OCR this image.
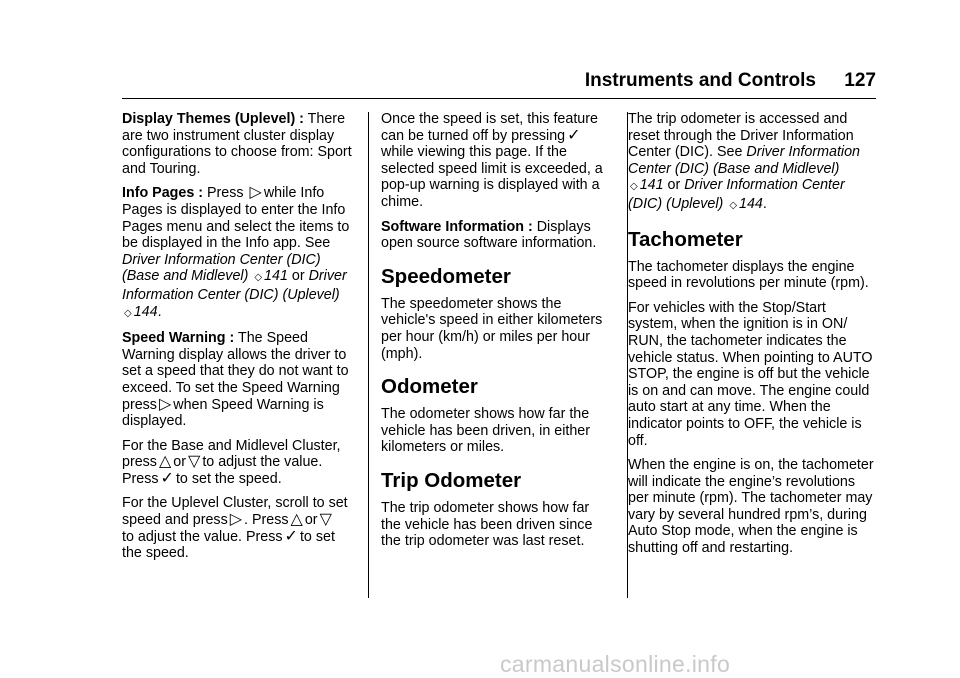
Instruments and Controls 127

Display Themes (Uplevel) : There are two instrument cluster display configurations to choose from: Sport and Touring.

Info Pages : Press ▷ while Info Pages is displayed to enter the Info Pages menu and select the items to be displayed in the Info app. See Driver Information Center (DIC) (Base and Midlevel) ◇ 141 or Driver Information Center (DIC) (Uplevel) ◇ 144.

Speed Warning : The Speed Warning display allows the driver to set a speed that they do not want to exceed. To set the Speed Warning
press ▷ when Speed Warning is
displayed.

For the Base and Midlevel Cluster,
press △ or ▽ to adjust the value.
Press ✓ to set the speed.

For the Uplevel Cluster, scroll to set
speed and press ▷ . Press △ or ▽
to adjust the value. Press ✓ to set
the speed.

Once the speed is set, this feature
can be turned off by pressing ✓
while viewing this page. If the selected speed limit is exceeded, a pop-up warning is displayed with a chime.

Software Information : Displays open source software information.

Speedometer

The speedometer shows the vehicle's speed in either kilometers per hour (km/h) or miles per hour (mph).

Odometer

The odometer shows how far the vehicle has been driven, in either kilometers or miles.

Trip Odometer

The trip odometer shows how far the vehicle has been driven since the trip odometer was last reset.

The trip odometer is accessed and reset through the Driver Information Center (DIC). See Driver Information Center (DIC) (Base and Midlevel) ◇ 141 or Driver Information Center (DIC) (Uplevel) ◇ 144.

Tachometer

The tachometer displays the engine speed in revolutions per minute (rpm).

For vehicles with the Stop/Start system, when the ignition is in ON/ RUN, the tachometer indicates the vehicle status. When pointing to AUTO STOP, the engine is off but the vehicle is on and can move. The engine could auto start at any time. When the indicator points to OFF, the vehicle is off.

When the engine is on, the tachometer will indicate the engine’s revolutions per minute (rpm). The tachometer may vary by several hundred rpm’s, during Auto Stop mode, when the engine is shutting off and restarting.

carmanualsonline.info
